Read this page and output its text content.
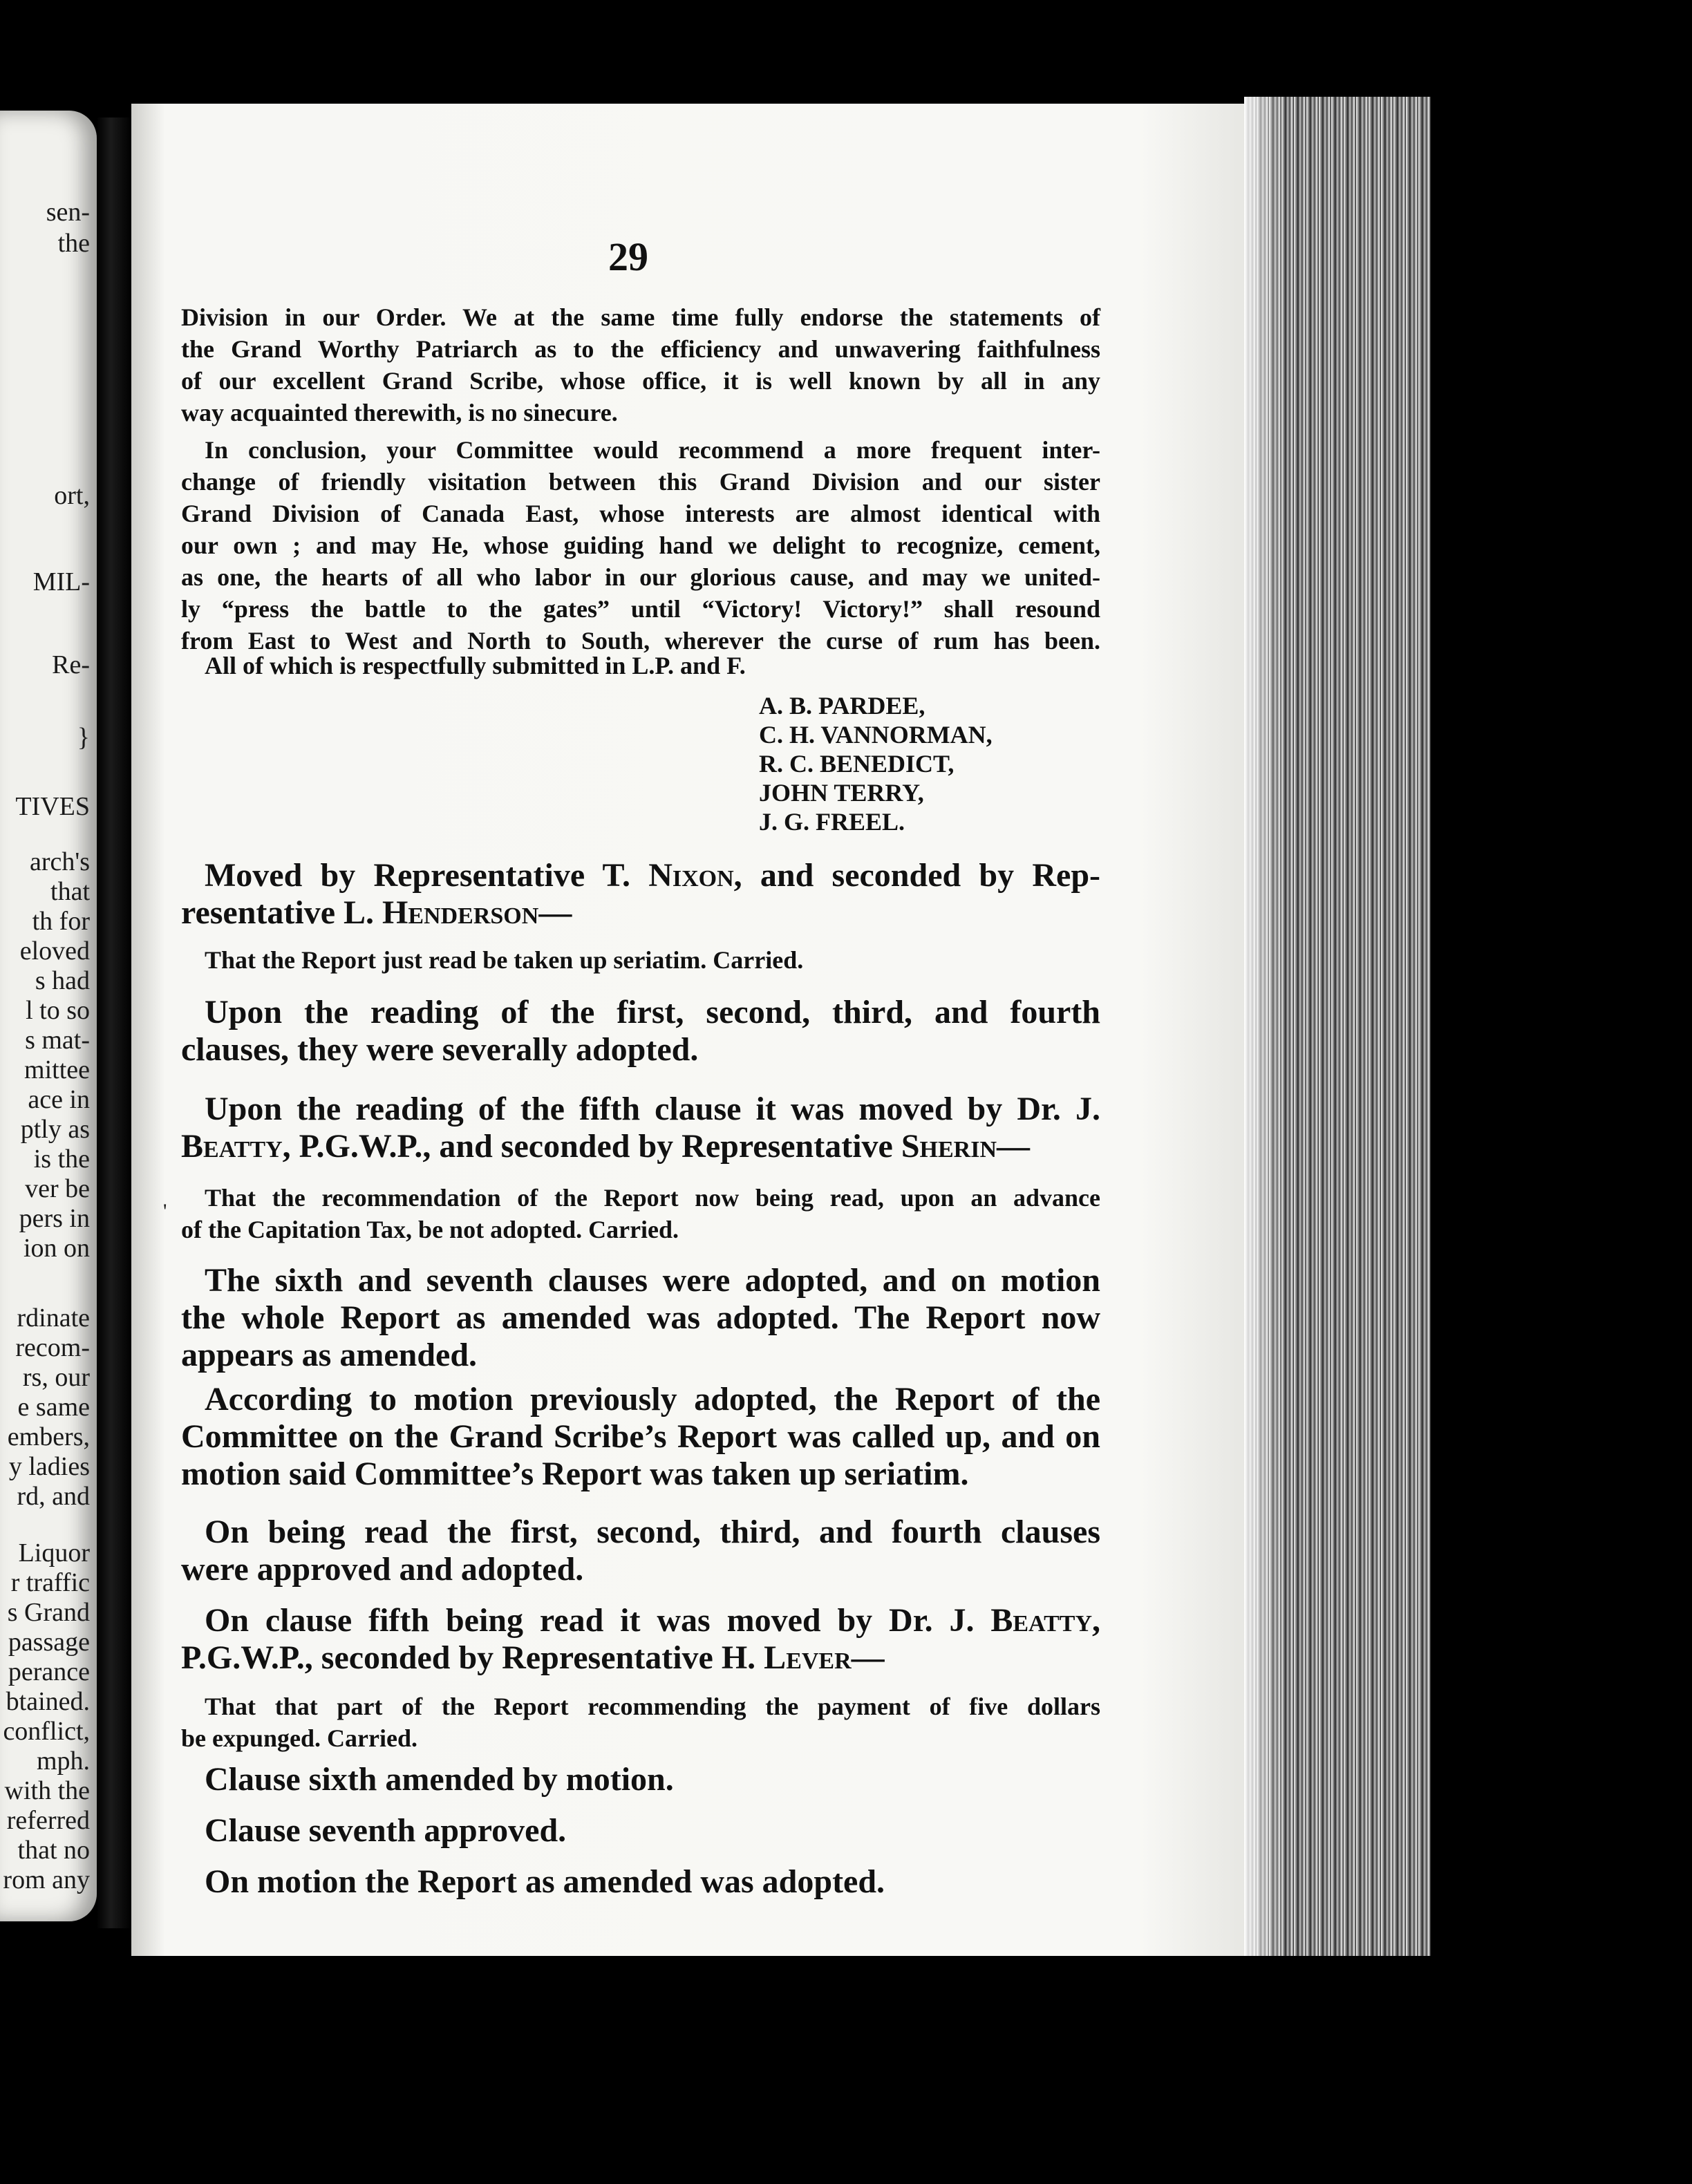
sen-
the
ort,
MIL-
Re-
}
TIVES
arch's
that
th for
eloved
s had
l to so
s mat-
mittee
ace in
ptly as
is the
ver be
pers in
ion on
rdinate
recom-
rs, our
e same
embers,
y ladies
rd, and
Liquor
r traffic
s Grand
passage
perance
btained.
conflict,
mph.
with the
referred
that no
rom any
29

Division in our Order. We at the same time fully endorse the statements of

the Grand Worthy Patriarch as to the efficiency and unwavering faithfulness

of our excellent Grand Scribe, whose office, it is well known by all in any

way acquainted therewith, is no sinecure.

In conclusion, your Committee would recommend a more frequent inter-

change of friendly visitation between this Grand Division and our sister

Grand Division of Canada East, whose interests are almost identical with

our own ; and may He, whose guiding hand we delight to recognize, cement,

as one, the hearts of all who labor in our glorious cause, and may we united-

ly “press the battle to the gates” until “Victory! Victory!” shall resound

from East to West and North to South, wherever the curse of rum has been.

All of which is respectfully submitted in L.P. and F.

A. B. PARDEE,
C. H. VANNORMAN,
R. C. BENEDICT,
JOHN TERRY,
J. G. FREEL.

Moved by Representative T. Nixon, and seconded by Rep-

resentative L. Henderson—

That the Report just read be taken up seriatim. Carried.

Upon the reading of the first, second, third, and fourth

clauses, they were severally adopted.

Upon the reading of the fifth clause it was moved by Dr. J.

Beatty, P.G.W.P., and seconded by Representative Sherin—

'	That the recommendation of the Report now being read, upon an advance

of the Capitation Tax, be not adopted. Carried.

The sixth and seventh clauses were adopted, and on motion

the whole Report as amended was adopted. The Report now

appears as amended.

According to motion previously adopted, the Report of the

Committee on the Grand Scribe’s Report was called up, and on

motion said Committee’s Report was taken up seriatim.

On being read the first, second, third, and fourth clauses

were approved and adopted.

On clause fifth being read it was moved by Dr. J. Beatty,

P.G.W.P., seconded by Representative H. Lever—

That that part of the Report recommending the payment of five dollars

be expunged. Carried.

Clause sixth amended by motion.

Clause seventh approved.

On motion the Report as amended was adopted.
